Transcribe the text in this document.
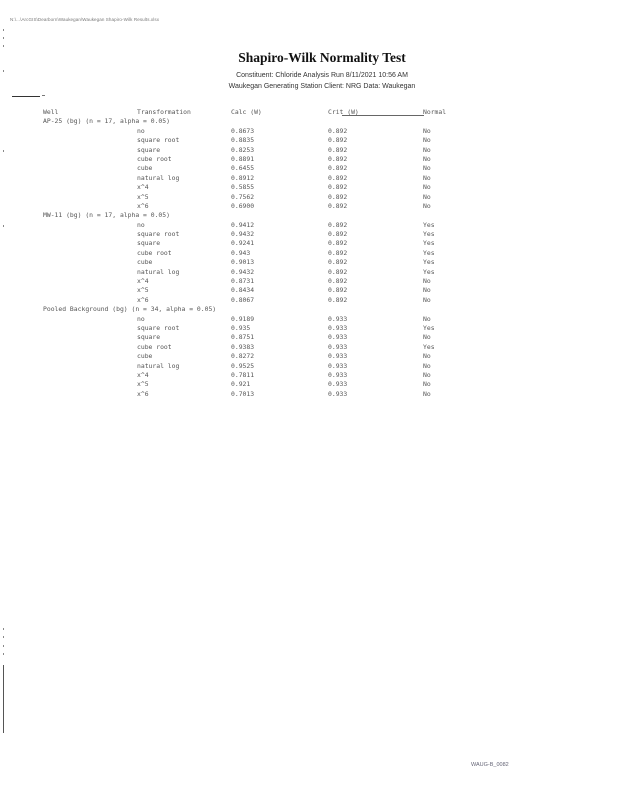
N:\...\ArcGIS\Dearborn\Waukegan\Waukegan Shapiro-Wilk Results.xlsx
Shapiro-Wilk Normality Test
Constituent: Chloride Analysis Run 8/11/2021 10:56 AM
Waukegan Generating Station Client: NRG Data: Waukegan
Well	Transformation	Calc (W)	Crit (W)	Normal
AP-25 (bg) (n = 17, alpha = 0.05)
no	0.8673	0.892	No
square root	0.8835	0.892	No
square	0.8253	0.892	No
cube root	0.8891	0.892	No
cube	0.6455	0.892	No
natural log	0.8912	0.892	No
x^4	0.5855	0.892	No
x^5	0.7562	0.892	No
x^6	0.6900	0.892	No
MW-11 (bg) (n = 17, alpha = 0.05)
no	0.9412	0.892	Yes
square root	0.9432	0.892	Yes
square	0.9241	0.892	Yes
cube root	0.943	0.892	Yes
cube	0.9013	0.892	Yes
natural log	0.9432	0.892	Yes
x^4	0.8731	0.892	No
x^5	0.8434	0.892	No
x^6	0.8067	0.892	No
Pooled Background (bg) (n = 34, alpha = 0.05)
no	0.9189	0.933	No
square root	0.935	0.933	Yes
square	0.8751	0.933	No
cube root	0.9383	0.933	Yes
cube	0.8272	0.933	No
natural log	0.9525	0.933	No
x^4	0.7811	0.933	No
x^5	0.921	0.933	No
x^6	0.7013	0.933	No
WAUG-B_0082
